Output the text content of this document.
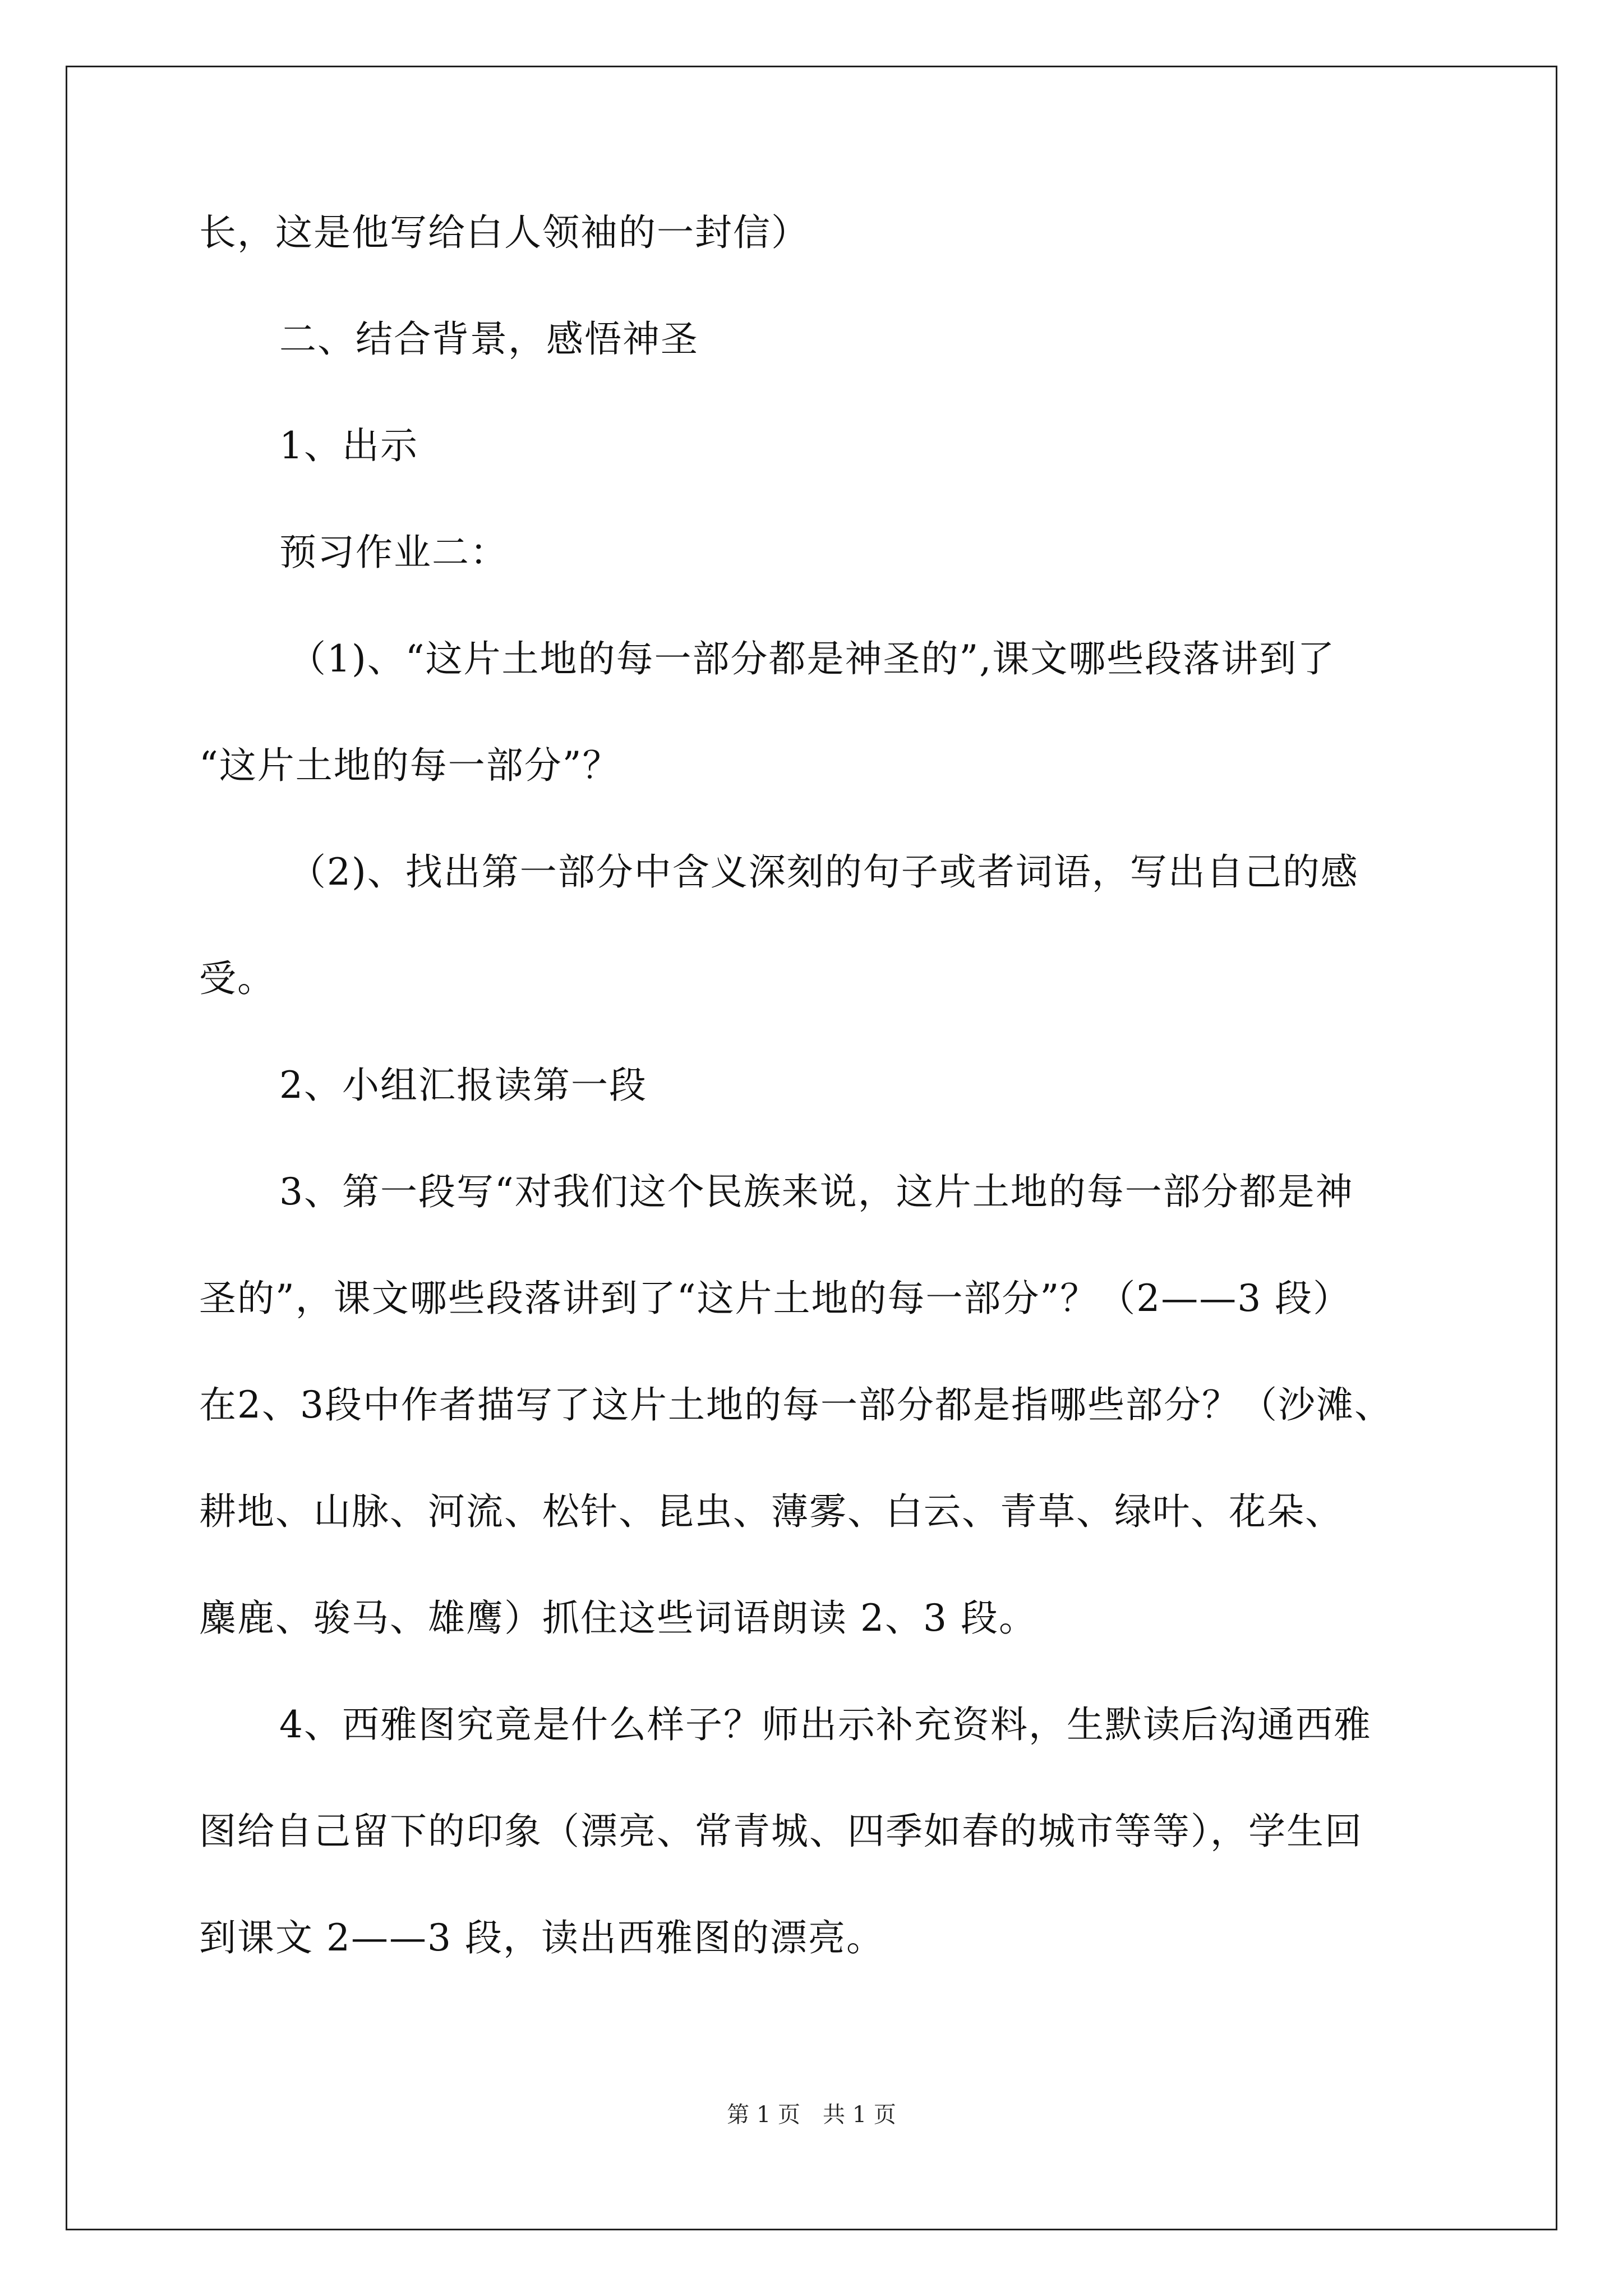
长，这是他写给白人领袖的一封信）
二、结合背景，感悟神圣
1、出示
预习作业二：
（1)、“这片土地的每一部分都是神圣的”,课文哪些段落讲到了
“这片土地的每一部分”？
（2)、找出第一部分中含义深刻的句子或者词语，写出自己的感
受。
2、小组汇报读第一段
3、第一段写“对我们这个民族来说，这片土地的每一部分都是神
圣的”，课文哪些段落讲到了“这片土地的每一部分”？（2——3 段）
在2、3段中作者描写了这片土地的每一部分都是指哪些部分？（沙滩、
耕地、山脉、河流、松针、昆虫、薄雾、白云、青草、绿叶、花朵、
麋鹿、骏马、雄鹰）抓住这些词语朗读 2、3 段。
4、西雅图究竟是什么样子？师出示补充资料，生默读后沟通西雅
图给自己留下的印象（漂亮、常青城、四季如春的城市等等），学生回
到课文 2——3 段，读出西雅图的漂亮。
第 1 页 共 1 页
